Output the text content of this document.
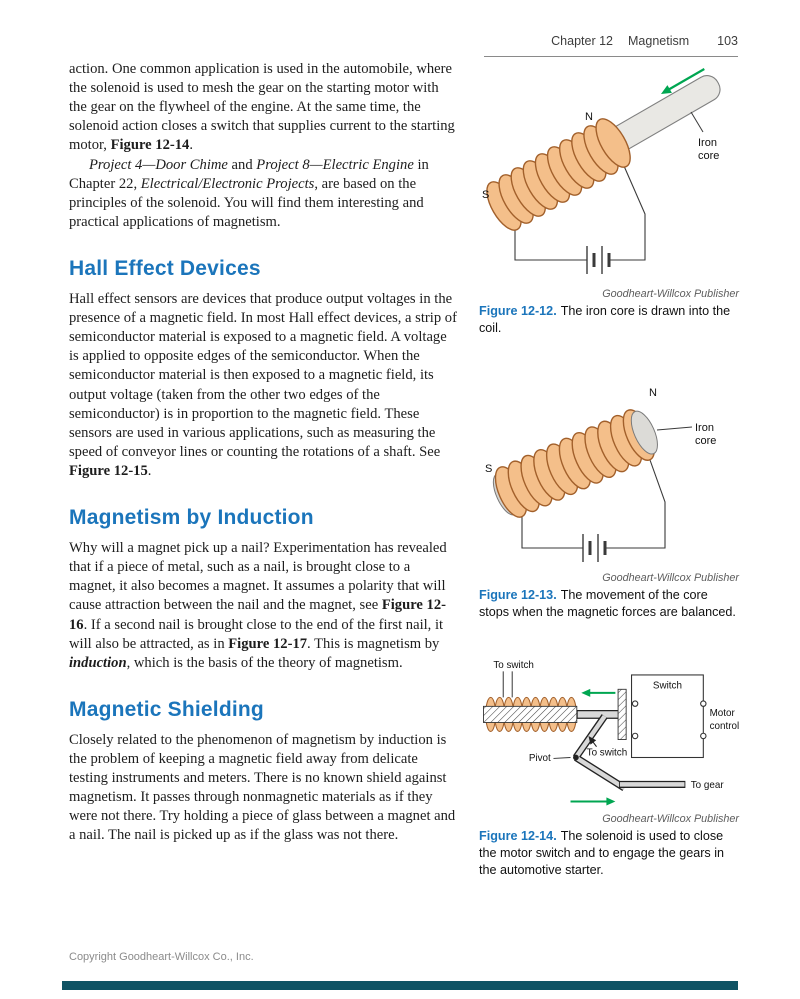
Chapter 12 Magnetism 103

action. One common application is used in the automobile, where the solenoid is used to mesh the gear on the starting motor with the gear on the flywheel of the engine. At the same time, the solenoid action closes a switch that supplies current to the starting motor, Figure 12-14.

Project 4—Door Chime and Project 8—Electric Engine in Chapter 22, Electrical/Electronic Projects, are based on the principles of the solenoid. You will find them interesting and practical applications of magnetism.

Hall Effect Devices

Hall effect sensors are devices that produce output voltages in the presence of a magnetic field. In most Hall effect devices, a strip of semiconductor material is exposed to a magnetic field. A voltage is applied to opposite edges of the semiconductor. When the semiconductor material is then exposed to a magnetic field, its output voltage (taken from the other two edges of the semiconductor) is in proportion to the magnetic field. These sensors are used in various applications, such as measuring the speed of conveyor lines or counting the rotations of a shaft. See Figure 12-15.

Magnetism by Induction

Why will a magnet pick up a nail? Experimentation has revealed that if a piece of metal, such as a nail, is brought close to a magnet, it also becomes a magnet. It assumes a polarity that will cause attraction between the nail and the magnet, see Figure 12-16. If a second nail is brought close to the end of the first nail, it will also be attracted, as in Figure 12-17. This is magnetism by induction, which is the basis of the theory of magnetism.

Magnetic Shielding

Closely related to the phenomenon of magnetism by induction is the problem of keeping a magnetic field away from delicate testing instruments and meters. There is no known shield against magnetism. It passes through nonmagnetic materials as if they were not there. Try holding a piece of glass between a magnet and a nail. The nail is picked up as if the glass was not there.

N
S
Iron
core
Goodheart-Willcox Publisher
Figure 12-12. The iron core is drawn into the coil.
N
S
Iron
core
Goodheart-Willcox Publisher
Figure 12-13. The movement of the core stops when the magnetic forces are balanced.
To switch
Switch
Motor
control
Pivot	To switch
To gear
Goodheart-Willcox Publisher
Figure 12-14. The solenoid is used to close the motor switch and to engage the gears in the automotive starter.
Copyright Goodheart-Willcox Co., Inc.
